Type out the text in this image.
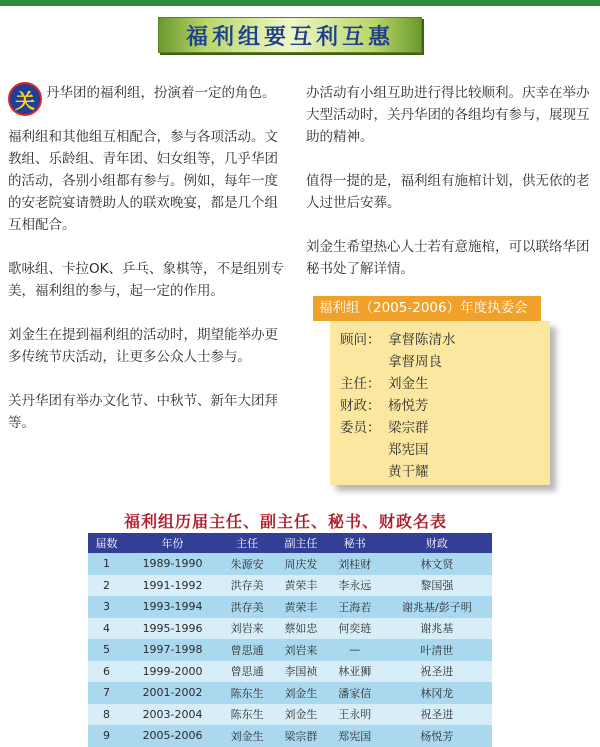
福利组要互利互惠

关 丹华团的福利组，扮演着一定的角色。

福利组和其他组互相配合，参与各项活动。文教组、乐龄组、青年团、妇女组等，几乎华团的活动，各别小组都有参与。例如，每年一度的安老院宴请赞助人的联欢晚宴，都是几个组互相配合。

歌咏组、卡拉OK、乒乓、象棋等，不是组别专美，福利组的参与，起一定的作用。

刘金生在提到福利组的活动时，期望能举办更多传统节庆活动，让更多公众人士参与。

关丹华团有举办文化节、中秋节、新年大团拜等。

办活动有小组互助进行得比较顺利。庆幸在举办大型活动时，关丹华团的各组均有参与，展现互助的精神。

值得一提的是，福利组有施棺计划，供无依的老人过世后安葬。

刘金生希望热心人士若有意施棺，可以联络华团秘书处了解详情。

福利组（2005-2006）年度执委会
顾问： 拿督陈清水
拿督周良
主任： 刘金生
财政： 杨悦芳
委员： 梁宗群
郑宪国
黄干耀
福利组历届主任、副主任、秘书、财政名表
届数	年份	主任	副主任	秘书	财政
1	1989-1990	朱源安	周庆发	刘桂财	林文贤
2	1991-1992	洪存美	黄荣丰	李永远	黎国强
3	1993-1994	洪存美	黄荣丰	王海若	谢兆基/彭子明
4	1995-1996	刘岩来	蔡如忠	何奕琏	谢兆基
5	1997-1998	曾思通	刘岩来	—	叶清世
6	1999-2000	曾思通	李国祯	林亚狮	祝圣进
7	2001-2002	陈东生	刘金生	潘家信	林冈龙
8	2003-2004	陈东生	刘金生	王永明	祝圣进
9	2005-2006	刘金生	梁宗群	郑宪国	杨悦芳
